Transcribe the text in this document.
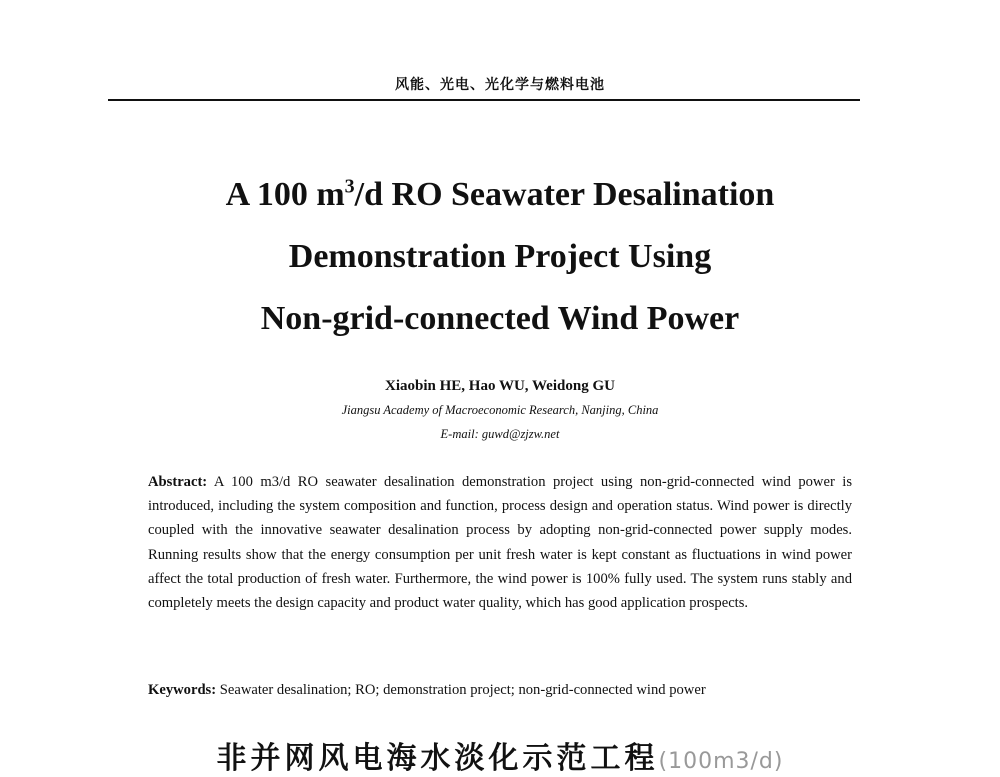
风能、光电、光化学与燃料电池
A 100 $m^3/d$ RO Seawater Desalination
Demonstration Project Using
Non-grid-connected Wind Power
Xiaobin HE, Hao WU, Weidong GU
Jiangsu Academy of Macroeconomic Research, Nanjing, China
E-mail: guwd@zjzw.net

Abstract: A 100 m3/d RO seawater desalination demonstration project using non-grid-connected wind power is introduced, including the system composition and function, process design and operation status. Wind power is directly coupled with the innovative seawater desalination process by adopting non-grid-connected power supply modes. Running results show that the energy consumption per unit fresh water is kept constant as fluctuations in wind power affect the total production of fresh water. Furthermore, the wind power is 100% fully used. The system runs stably and completely meets the design capacity and product water quality, which has good application prospects.

Keywords: Seawater desalination; RO; demonstration project; non-grid-connected wind power

非并网风电海水淡化示范工程(100m3/d)
